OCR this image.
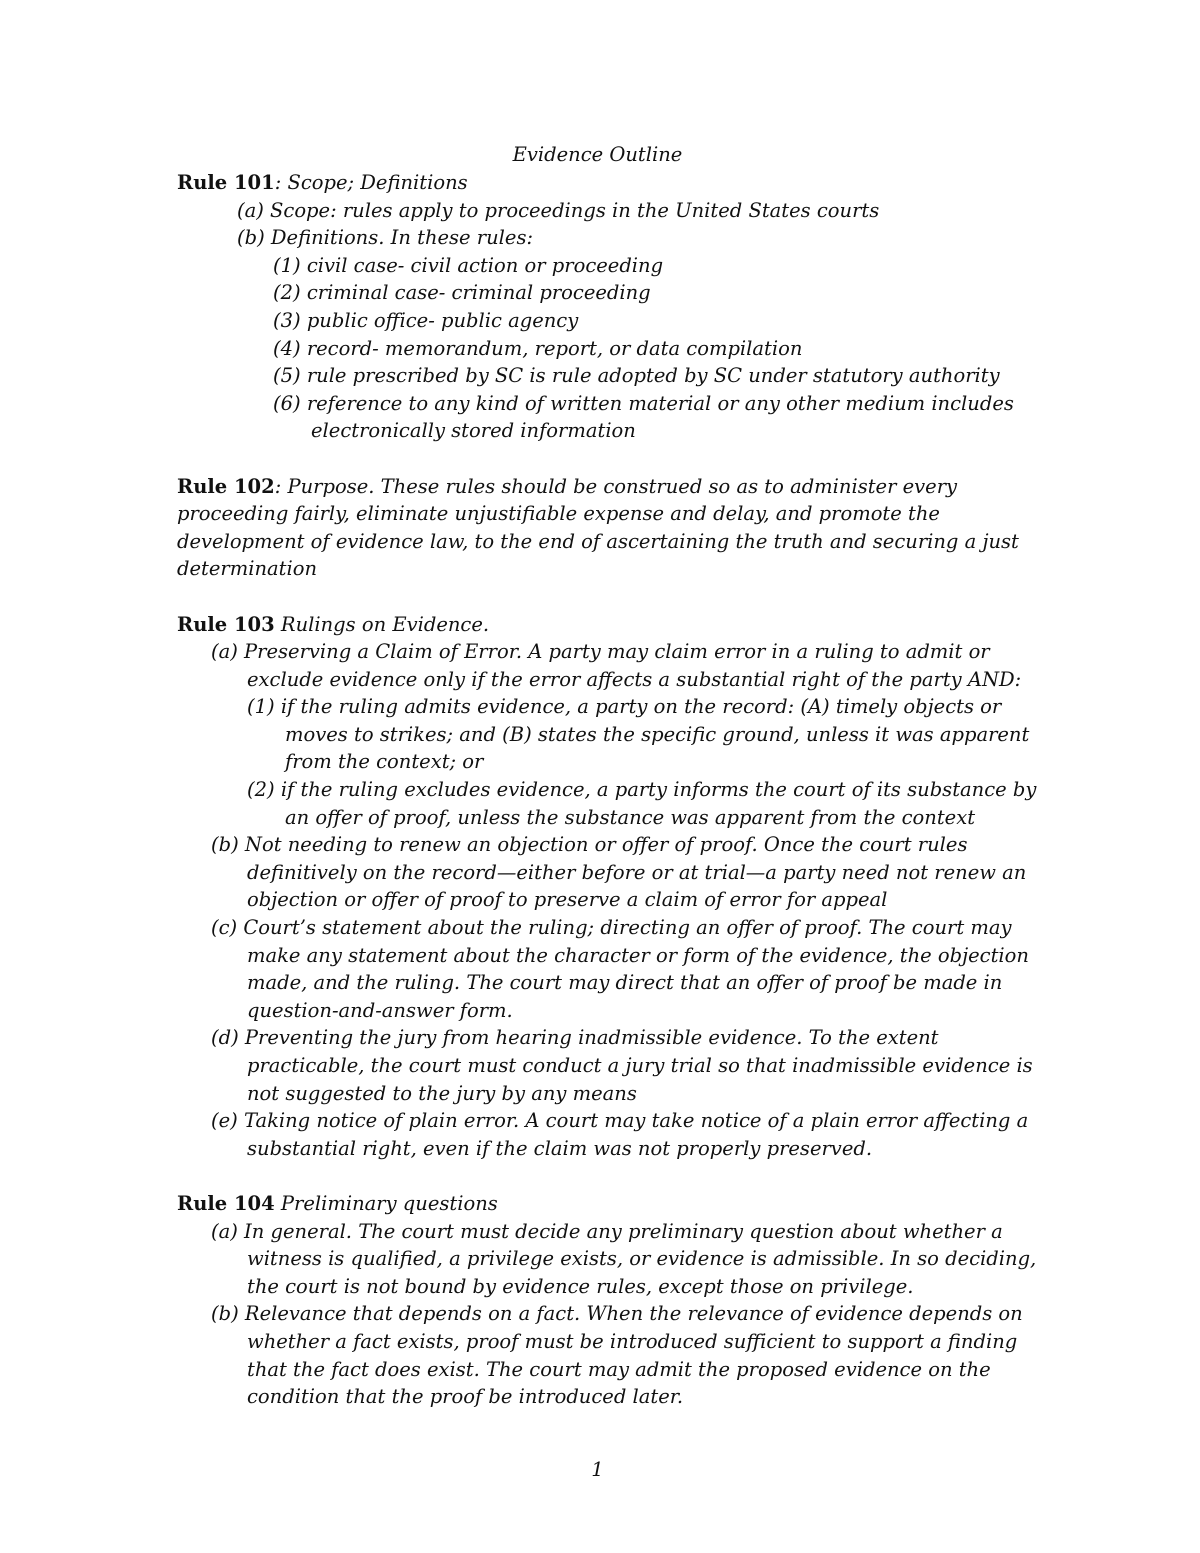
Evidence Outline

Rule 101: Scope; Definitions

(a) Scope: rules apply to proceedings in the United States courts

(b) Definitions. In these rules:

(1) civil case- civil action or proceeding

(2) criminal case- criminal proceeding

(3) public office- public agency

(4) record- memorandum, report, or data compilation

(5) rule prescribed by SC is rule adopted by SC under statutory authority

(6) reference to any kind of written material or any other medium includes electronically stored information

Rule 102: Purpose. These rules should be construed so as to administer every proceeding fairly, eliminate unjustifiable expense and delay, and promote the development of evidence law, to the end of ascertaining the truth and securing a just determination

Rule 103 Rulings on Evidence.

(a) Preserving a Claim of Error. A party may claim error in a ruling to admit or exclude evidence only if the error affects a substantial right of the party AND:

(1) if the ruling admits evidence, a party on the record: (A) timely objects or moves to strikes; and (B) states the specific ground, unless it was apparent from the context; or

(2) if the ruling excludes evidence, a party informs the court of its substance by an offer of proof, unless the substance was apparent from the context

(b) Not needing to renew an objection or offer of proof. Once the court rules definitively on the record—either before or at trial—a party need not renew an objection or offer of proof to preserve a claim of error for appeal

(c) Court’s statement about the ruling; directing an offer of proof. The court may make any statement about the character or form of the evidence, the objection made, and the ruling. The court may direct that an offer of proof be made in question-and-answer form.

(d) Preventing the jury from hearing inadmissible evidence. To the extent practicable, the court must conduct a jury trial so that inadmissible evidence is not suggested to the jury by any means

(e) Taking notice of plain error. A court may take notice of a plain error affecting a substantial right, even if the claim was not properly preserved.

Rule 104 Preliminary questions

(a) In general. The court must decide any preliminary question about whether a witness is qualified, a privilege exists, or evidence is admissible. In so deciding, the court is not bound by evidence rules, except those on privilege.

(b) Relevance that depends on a fact. When the relevance of evidence depends on whether a fact exists, proof must be introduced sufficient to support a finding that the fact does exist. The court may admit the proposed evidence on the condition that the proof be introduced later.

1
